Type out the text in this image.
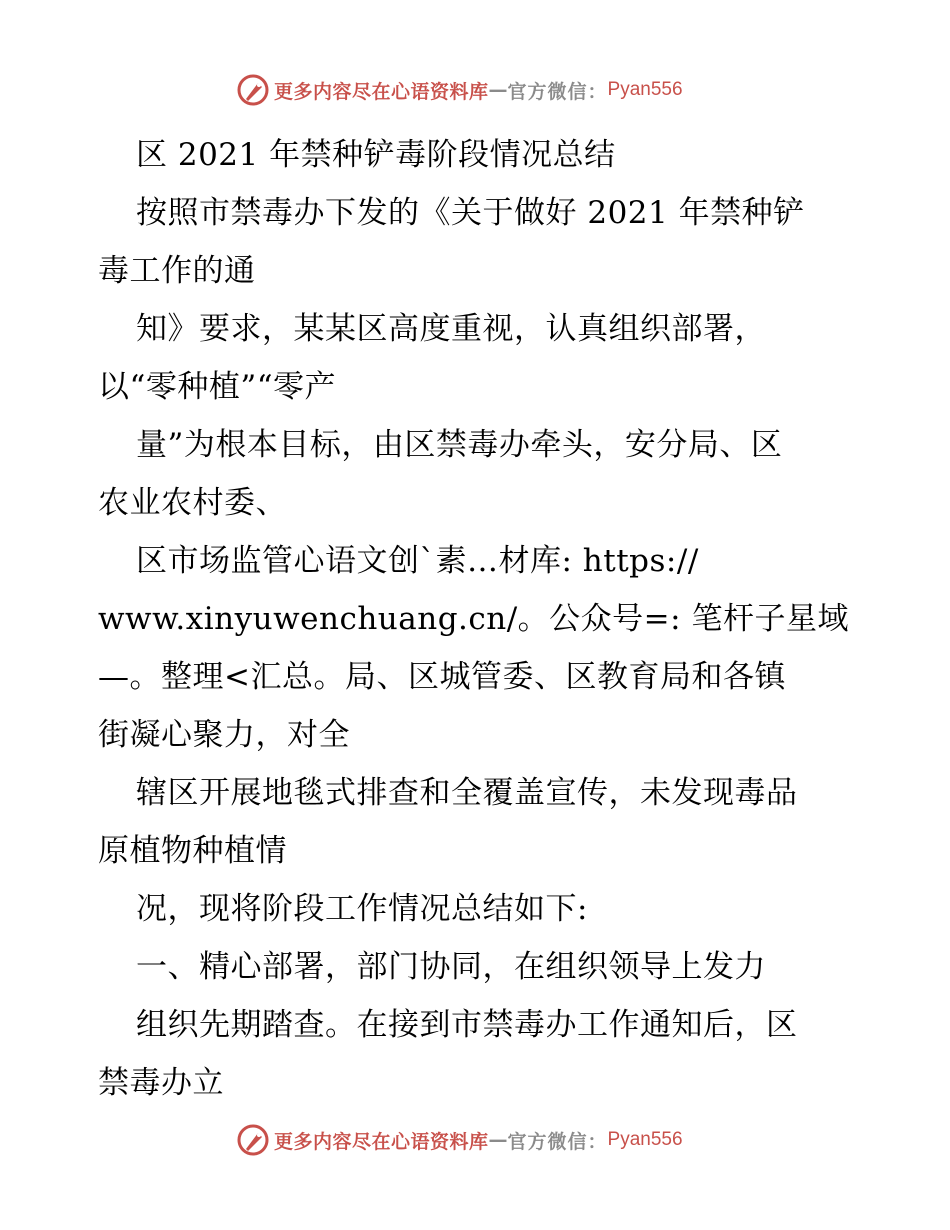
更多内容尽在心语资料库 — 官方微信： Pyan556
区 2021 年禁种铲毒阶段情况总结
按照市禁毒办下发的《关于做好 2021 年禁种铲
毒工作的通
知》要求，某某区高度重视，认真组织部署，
以“零种植”“零产
量”为根本目标，由区禁毒办牵头，安分局、区
农业农村委、
区市场监管心语文创`素…材库: https://
www.xinyuwenchuang.cn/。公众号=: 笔杆子星域
—。整理<汇总。局、区城管委、区教育局和各镇
街凝心聚力，对全
辖区开展地毯式排查和全覆盖宣传，未发现毒品
原植物种植情
况，现将阶段工作情况总结如下:
一、精心部署，部门协同，在组织领导上发力
组织先期踏查。在接到市禁毒办工作通知后，区
禁毒办立
更多内容尽在心语资料库 — 官方微信： Pyan556
